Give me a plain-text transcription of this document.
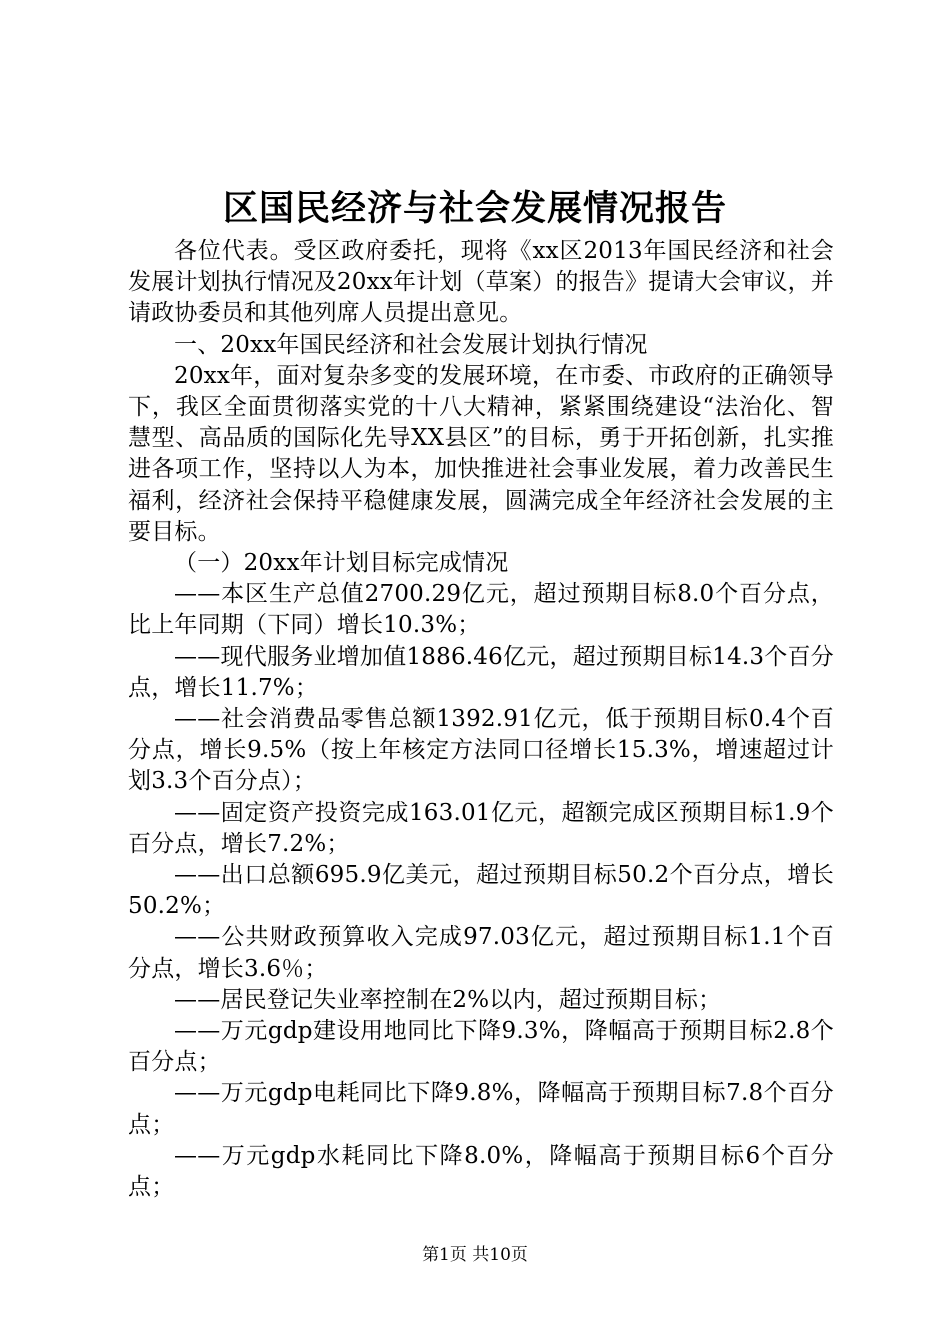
区国民经济与社会发展情况报告

各位代表。受区政府委托，现将《xx区2013年国民经济和社会发展计划执行情况及20xx年计划（草案）的报告》提请大会审议，并请政协委员和其他列席人员提出意见。

一、20xx年国民经济和社会发展计划执行情况

20xx年，面对复杂多变的发展环境，在市委、市政府的正确领导下，我区全面贯彻落实党的十八大精神，紧紧围绕建设“法治化、智慧型、高品质的国际化先导XX县区”的目标，勇于开拓创新，扎实推进各项工作，坚持以人为本，加快推进社会事业发展，着力改善民生福利，经济社会保持平稳健康发展，圆满完成全年经济社会发展的主要目标。

（一）20xx年计划目标完成情况

——本区生产总值2700.29亿元，超过预期目标8.0个百分点，比上年同期（下同）增长10.3%；

——现代服务业增加值1886.46亿元，超过预期目标14.3个百分点，增长11.7%；

——社会消费品零售总额1392.91亿元，低于预期目标0.4个百分点，增长9.5%（按上年核定方法同口径增长15.3%，增速超过计划3.3个百分点）；

——固定资产投资完成163.01亿元，超额完成区预期目标1.9个百分点，增长7.2%；

——出口总额695.9亿美元，超过预期目标50.2个百分点，增长50.2%；

——公共财政预算收入完成97.03亿元，超过预期目标1.1个百分点，增长3.6％；

——居民登记失业率控制在2%以内，超过预期目标；

——万元gdp建设用地同比下降9.3%，降幅高于预期目标2.8个百分点；

——万元gdp电耗同比下降9.8%，降幅高于预期目标7.8个百分点；

——万元gdp水耗同比下降8.0%，降幅高于预期目标6个百分点；

第1页 共10页
